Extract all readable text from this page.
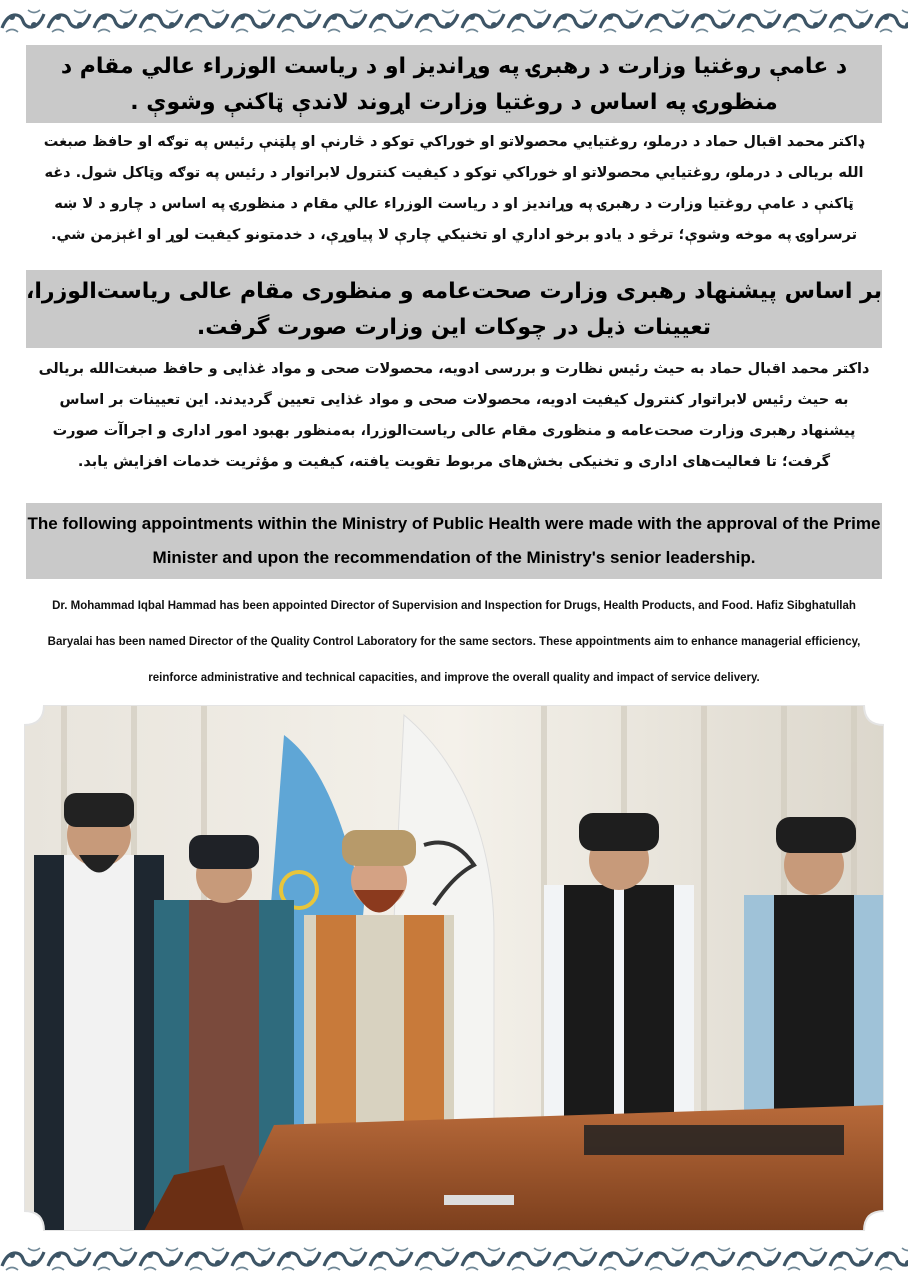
د عامې روغتيا وزارت د رهبرۍ په وړانديز او د رياست الوزراء عالي مقام د منظورۍ په اساس د روغتيا وزارت اړوند لاندې ټاکنې وشوې .
ډاکتر محمد اقبال حماد د درملو، روغتيايي محصولاتو او خوراکي توکو د څارنې او پلټنې رئيس په توګه او حافظ صبغت الله بريالی د درملو، روغتيايي محصولاتو او خوراکي توکو د کيفيت کنترول لابراتوار د رئيس په توګه وټاکل شول. دغه ټاکنې د عامې روغتيا وزارت د رهبرۍ په وړانديز او د رياست الوزراء عالي مقام د منظورۍ په اساس د چارو د لا ښه ترسراوۍ په موخه وشوې؛ ترڅو د يادو برخو اداري او تخنيکي چارې لا پياوړې، د خدمتونو کيفيت لوړ او اغېزمن شي.
بر اساس پیشنهاد رهبری وزارت صحت‌عامه و منظوری مقام عالی ریاست‌الوزرا، تعیینات ذیل در چوکات این وزارت صورت گرفت.
داکتر محمد اقبال حماد به حیث رئیس نظارت و بررسی ادویه، محصولات صحی و مواد غذایی و حافظ صبغت‌الله بریالی به حیث رئیس لابراتوار کنترول کیفیت ادویه، محصولات صحی و مواد غذایی تعیین گردیدند. این تعیینات بر اساس پیشنهاد رهبری وزارت صحت‌عامه و منظوری مقام عالی ریاست‌الوزرا، به‌منظور بهبود امور اداری و اجراآت صورت گرفت؛ تا فعالیت‌های اداری و تخنیکی بخش‌های مربوط تقویت یافته، کیفیت و مؤثریت خدمات افزایش یابد.
The following appointments within the Ministry of Public Health were made with the approval of the Prime Minister and upon the recommendation of the Ministry's senior leadership.
Dr. Mohammad Iqbal Hammad has been appointed Director of Supervision and Inspection for Drugs, Health Products, and Food. Hafiz Sibghatullah Baryalai has been named Director of the Quality Control Laboratory for the same sectors. These appointments aim to enhance managerial efficiency, reinforce administrative and technical capacities, and improve the overall quality and impact of service delivery.
